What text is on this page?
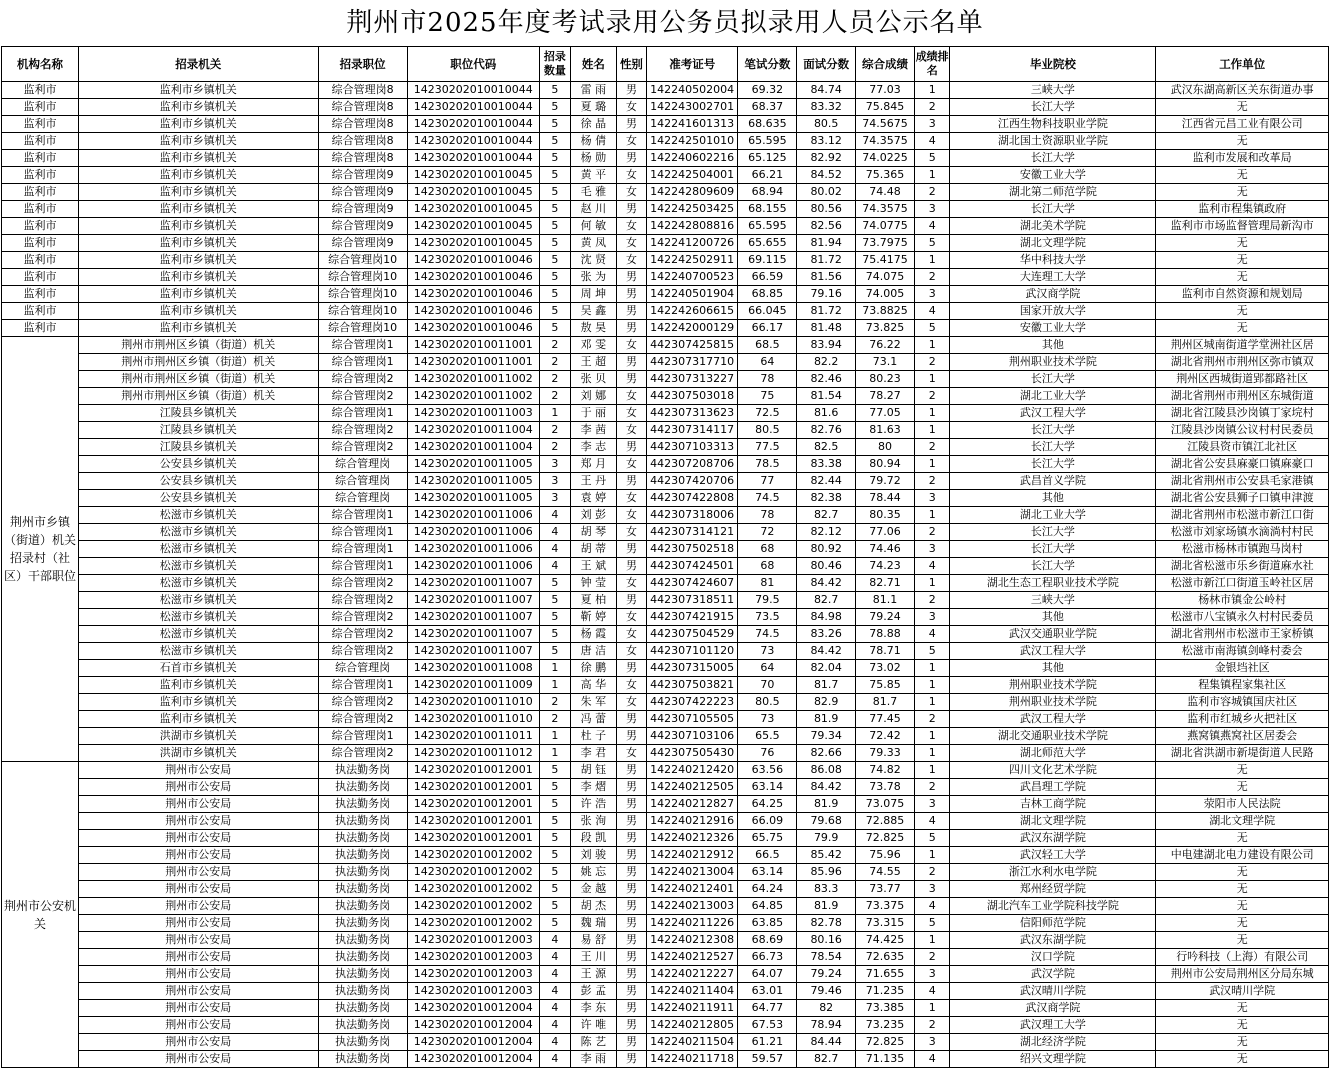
荆州市2025年度考试录用公务员拟录用人员公示名单
机构名称	招录机关	招录职位	职位代码	招录数量	姓名	性别	准考证号	笔试分数	面试分数	综合成绩	成绩排名	毕业院校	工作单位
监利市	监利市乡镇机关	综合管理岗8	14230202010010044	5	雷 雨	男	142240502004	69.32	84.74	77.03	1	三峡大学	武汉东湖高新区关东街道办事
监利市	监利市乡镇机关	综合管理岗8	14230202010010044	5	夏 璐	女	142243002701	68.37	83.32	75.845	2	长江大学	无
监利市	监利市乡镇机关	综合管理岗8	14230202010010044	5	徐 晶	男	142241601313	68.635	80.5	74.5675	3	江西生物科技职业学院	江西省元昌工业有限公司
监利市	监利市乡镇机关	综合管理岗8	14230202010010044	5	杨 倩	女	142242501010	65.595	83.12	74.3575	4	湖北国土资源职业学院	无
监利市	监利市乡镇机关	综合管理岗8	14230202010010044	5	杨 勋	男	142240602216	65.125	82.92	74.0225	5	长江大学	监利市发展和改革局
监利市	监利市乡镇机关	综合管理岗9	14230202010010045	5	黄 平	女	142242504001	66.21	84.52	75.365	1	安徽工业大学	无
监利市	监利市乡镇机关	综合管理岗9	14230202010010045	5	毛 雅	女	142242809609	68.94	80.02	74.48	2	湖北第二师范学院	无
监利市	监利市乡镇机关	综合管理岗9	14230202010010045	5	赵 川	男	142242503425	68.155	80.56	74.3575	3	长江大学	监利市程集镇政府
监利市	监利市乡镇机关	综合管理岗9	14230202010010045	5	何 敏	女	142242808816	65.595	82.56	74.0775	4	湖北美术学院	监利市市场监督管理局新沟市
监利市	监利市乡镇机关	综合管理岗9	14230202010010045	5	黄 凤	女	142241200726	65.655	81.94	73.7975	5	湖北文理学院	无
监利市	监利市乡镇机关	综合管理岗10	14230202010010046	5	沈 贤	女	142242502911	69.115	81.72	75.4175	1	华中科技大学	无
监利市	监利市乡镇机关	综合管理岗10	14230202010010046	5	张 为	男	142240700523	66.59	81.56	74.075	2	大连理工大学	无
监利市	监利市乡镇机关	综合管理岗10	14230202010010046	5	周 坤	男	142240501904	68.85	79.16	74.005	3	武汉商学院	监利市自然资源和规划局
监利市	监利市乡镇机关	综合管理岗10	14230202010010046	5	吴 鑫	男	142242606615	66.045	81.72	73.8825	4	国家开放大学	无
监利市	监利市乡镇机关	综合管理岗10	14230202010010046	5	敖 昊	男	142242000129	66.17	81.48	73.825	5	安徽工业大学	无
荆州市乡镇（街道）机关招录村（社区）干部职位	荆州市荆州区乡镇（街道）机关	综合管理岗1	14230202010011001	2	邓 雯	女	442307425815	68.5	83.94	76.22	1	其他	荆州区城南街道学堂洲社区居
	荆州市荆州区乡镇（街道）机关	综合管理岗1	14230202010011001	2	王 超	男	442307317710	64	82.2	73.1	2	荆州职业技术学院	湖北省荆州市荆州区弥市镇双
	荆州市荆州区乡镇（街道）机关	综合管理岗2	14230202010011002	2	张 贝	男	442307313227	78	82.46	80.23	1	长江大学	荆州区西城街道郢都路社区
	荆州市荆州区乡镇（街道）机关	综合管理岗2	14230202010011002	2	刘 娜	女	442307503018	75	81.54	78.27	2	湖北工业大学	湖北省荆州市荆州区东城街道
	江陵县乡镇机关	综合管理岗1	14230202010011003	1	于 丽	女	442307313623	72.5	81.6	77.05	1	武汉工程大学	湖北省江陵县沙岗镇丁家垸村
	江陵县乡镇机关	综合管理岗2	14230202010011004	2	李 茜	女	442307314117	80.5	82.76	81.63	1	长江大学	江陵县沙岗镇公议村村民委员
	江陵县乡镇机关	综合管理岗2	14230202010011004	2	李 志	男	442307103313	77.5	82.5	80	2	长江大学	江陵县资市镇江北社区
	公安县乡镇机关	综合管理岗	14230202010011005	3	郑 月	女	442307208706	78.5	83.38	80.94	1	长江大学	湖北省公安县麻豪口镇麻豪口
	公安县乡镇机关	综合管理岗	14230202010011005	3	王 丹	男	442307420706	77	82.44	79.72	2	武昌首义学院	湖北省荆州市公安县毛家港镇
	公安县乡镇机关	综合管理岗	14230202010011005	3	袁 婷	女	442307422808	74.5	82.38	78.44	3	其他	湖北省公安县狮子口镇申津渡
	松滋市乡镇机关	综合管理岗1	14230202010011006	4	刘 彭	女	442307318006	78	82.7	80.35	1	湖北工业大学	湖北省荆州市松滋市新江口街
	松滋市乡镇机关	综合管理岗1	14230202010011006	4	胡 琴	女	442307314121	72	82.12	77.06	2	长江大学	松滋市刘家场镇水滴淌村村民
	松滋市乡镇机关	综合管理岗1	14230202010011006	4	胡 蒂	男	442307502518	68	80.92	74.46	3	长江大学	松滋市杨林市镇跑马岗村
	松滋市乡镇机关	综合管理岗1	14230202010011006	4	王 斌	男	442307424501	68	80.46	74.23	4	长江大学	湖北省松滋市乐乡街道麻水社
	松滋市乡镇机关	综合管理岗2	14230202010011007	5	钟 莹	女	442307424607	81	84.42	82.71	1	湖北生态工程职业技术学院	松滋市新江口街道玉岭社区居
	松滋市乡镇机关	综合管理岗2	14230202010011007	5	夏 柏	男	442307318511	79.5	82.7	81.1	2	三峡大学	杨林市镇金公岭村
	松滋市乡镇机关	综合管理岗2	14230202010011007	5	靳 婷	女	442307421915	73.5	84.98	79.24	3	其他	松滋市八宝镇永久村村民委员
	松滋市乡镇机关	综合管理岗2	14230202010011007	5	杨 霞	女	442307504529	74.5	83.26	78.88	4	武汉交通职业学院	湖北省荆州市松滋市王家桥镇
	松滋市乡镇机关	综合管理岗2	14230202010011007	5	唐 洁	女	442307101120	73	84.42	78.71	5	武汉工程大学	松滋市南海镇剑峰村委会
	石首市乡镇机关	综合管理岗	14230202010011008	1	徐 鹏	男	442307315005	64	82.04	73.02	1	其他	金银垱社区
	监利市乡镇机关	综合管理岗1	14230202010011009	1	高 华	女	442307503821	70	81.7	75.85	1	荆州职业技术学院	程集镇程家集社区
	监利市乡镇机关	综合管理岗2	14230202010011010	2	朱 军	女	442307422223	80.5	82.9	81.7	1	荆州职业技术学院	监利市容城镇国庆社区
	监利市乡镇机关	综合管理岗2	14230202010011010	2	冯 蕾	男	442307105505	73	81.9	77.45	2	武汉工程大学	监利市红城乡火把社区
	洪湖市乡镇机关	综合管理岗1	14230202010011011	1	杜 子	男	442307103106	65.5	79.34	72.42	1	湖北交通职业技术学院	燕窝镇燕窝社区居委会
	洪湖市乡镇机关	综合管理岗2	14230202010011012	1	李 君	女	442307505430	76	82.66	79.33	1	湖北师范大学	湖北省洪湖市新堤街道人民路
荆州市公安机关	荆州市公安局	执法勤务岗	14230202010012001	5	胡 钰	男	142240212420	63.56	86.08	74.82	1	四川文化艺术学院	无
	荆州市公安局	执法勤务岗	14230202010012001	5	李 熠	男	142240212505	63.14	84.42	73.78	2	武昌理工学院	无
	荆州市公安局	执法勤务岗	14230202010012001	5	许 浩	男	142240212827	64.25	81.9	73.075	3	吉林工商学院	荥阳市人民法院
	荆州市公安局	执法勤务岗	14230202010012001	5	张 洵	男	142240212916	66.09	79.68	72.885	4	湖北文理学院	湖北文理学院
	荆州市公安局	执法勤务岗	14230202010012001	5	段 凯	男	142240212326	65.75	79.9	72.825	5	武汉东湖学院	无
	荆州市公安局	执法勤务岗	14230202010012002	5	刘 骏	男	142240212912	66.5	85.42	75.96	1	武汉轻工大学	中电建湖北电力建设有限公司
	荆州市公安局	执法勤务岗	14230202010012002	5	姚 忘	男	142240213004	63.14	85.96	74.55	2	浙江水利水电学院	无
	荆州市公安局	执法勤务岗	14230202010012002	5	金 越	男	142240212401	64.24	83.3	73.77	3	郑州经贸学院	无
	荆州市公安局	执法勤务岗	14230202010012002	5	胡 杰	男	142240213003	64.85	81.9	73.375	4	湖北汽车工业学院科技学院	无
	荆州市公安局	执法勤务岗	14230202010012002	5	魏 瑞	男	142240211226	63.85	82.78	73.315	5	信阳师范学院	无
	荆州市公安局	执法勤务岗	14230202010012003	4	易 舒	男	142240212308	68.69	80.16	74.425	1	武汉东湖学院	无
	荆州市公安局	执法勤务岗	14230202010012003	4	王 川	男	142240212527	66.73	78.54	72.635	2	汉口学院	行吟科技（上海）有限公司
	荆州市公安局	执法勤务岗	14230202010012003	4	王 源	男	142240212227	64.07	79.24	71.655	3	武汉学院	荆州市公安局荆州区分局东城
	荆州市公安局	执法勤务岗	14230202010012003	4	彭 孟	男	142240211404	63.01	79.46	71.235	4	武汉晴川学院	武汉晴川学院
	荆州市公安局	执法勤务岗	14230202010012004	4	李 东	男	142240211911	64.77	82	73.385	1	武汉商学院	无
	荆州市公安局	执法勤务岗	14230202010012004	4	许 唯	男	142240212805	67.53	78.94	73.235	2	武汉理工大学	无
	荆州市公安局	执法勤务岗	14230202010012004	4	陈 艺	男	142240211504	61.21	84.44	72.825	3	湖北经济学院	无
	荆州市公安局	执法勤务岗	14230202010012004	4	李 雨	男	142240211718	59.57	82.7	71.135	4	绍兴文理学院	无
